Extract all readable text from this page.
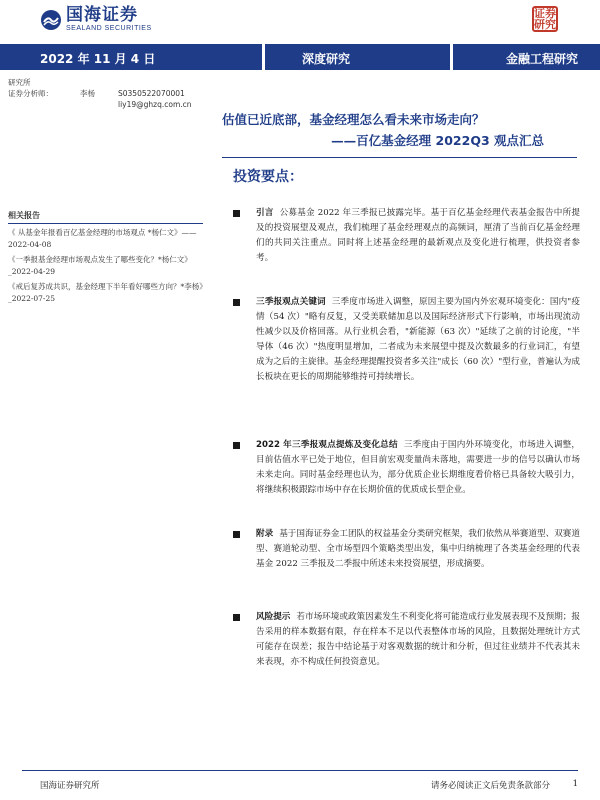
国海证券
SEALAND SECURITIES
证券
研究
2022 年 11 月 4 日	深度研究	金融工程研究
研究所
证券分析师：	李杨	S0350522070001
liy19@ghzq.com.cn
估值已近底部，基金经理怎么看未来市场走向？
——百亿基金经理 2022Q3 观点汇总
投资要点：
相关报告
《 从基金年报看百亿基金经理的市场观点 *杨仁文》——2022-04-08
《一季报基金经理市场观点发生了哪些变化？*杨仁文》_2022-04-29
《戒后复苏成共识，基金经理下半年看好哪些方向？*李杨》_2022-07-25
引言 公募基金 2022 年三季报已披露完毕。基于百亿基金经理代表基金报告中所提及的投资展望及观点，我们梳理了基金经理观点的高频词，厘清了当前百亿基金经理们的共同关注重点。同时将上述基金经理的最新观点及变化进行梳理，供投资者参考。
三季报观点关键词 三季度市场进入调整，原因主要为国内外宏观环境变化：国内"疫情（54 次）"略有反复，又受美联储加息以及国际经济形式下行影响，市场出现流动性减少以及价格回落。从行业机会看，"新能源（63 次）"延续了之前的讨论度，"半导体（46 次）"热度明显增加，二者成为未来展望中提及次数最多的行业词汇，有望成为之后的主旋律。基金经理提醒投资者多关注"成长（60 次）"型行业，普遍认为成长板块在更长的周期能够维持可持续增长。
2022 年三季报观点提炼及变化总结 三季度由于国内外环境变化，市场进入调整，目前估值水平已处于地位，但目前宏观变量尚未落地，需要进一步的信号以确认市场未来走向。同时基金经理也认为，部分优质企业长期维度看价格已具备较大吸引力，将继续积极跟踪市场中存在长期价值的优质成长型企业。
附录 基于国海证券金工团队的权益基金分类研究框架，我们依然从举赛道型、双赛道型、赛道轮动型、全市场型四个策略类型出发，集中归纳梳理了各类基金经理的代表基金 2022 三季报及二季报中所述未来投资展望，形成摘要。
风险提示 若市场环境或政策因素发生不利变化将可能造成行业发展表现不及预期；报告采用的样本数据有限，存在样本不足以代表整体市场的风险，且数据处理统计方式可能存在误差；报告中结论基于对客观数据的统计和分析，但过往业绩并不代表其未来表现，亦不构成任何投资意见。
国海证券研究所	请务必阅读正文后免责条款部分	1
